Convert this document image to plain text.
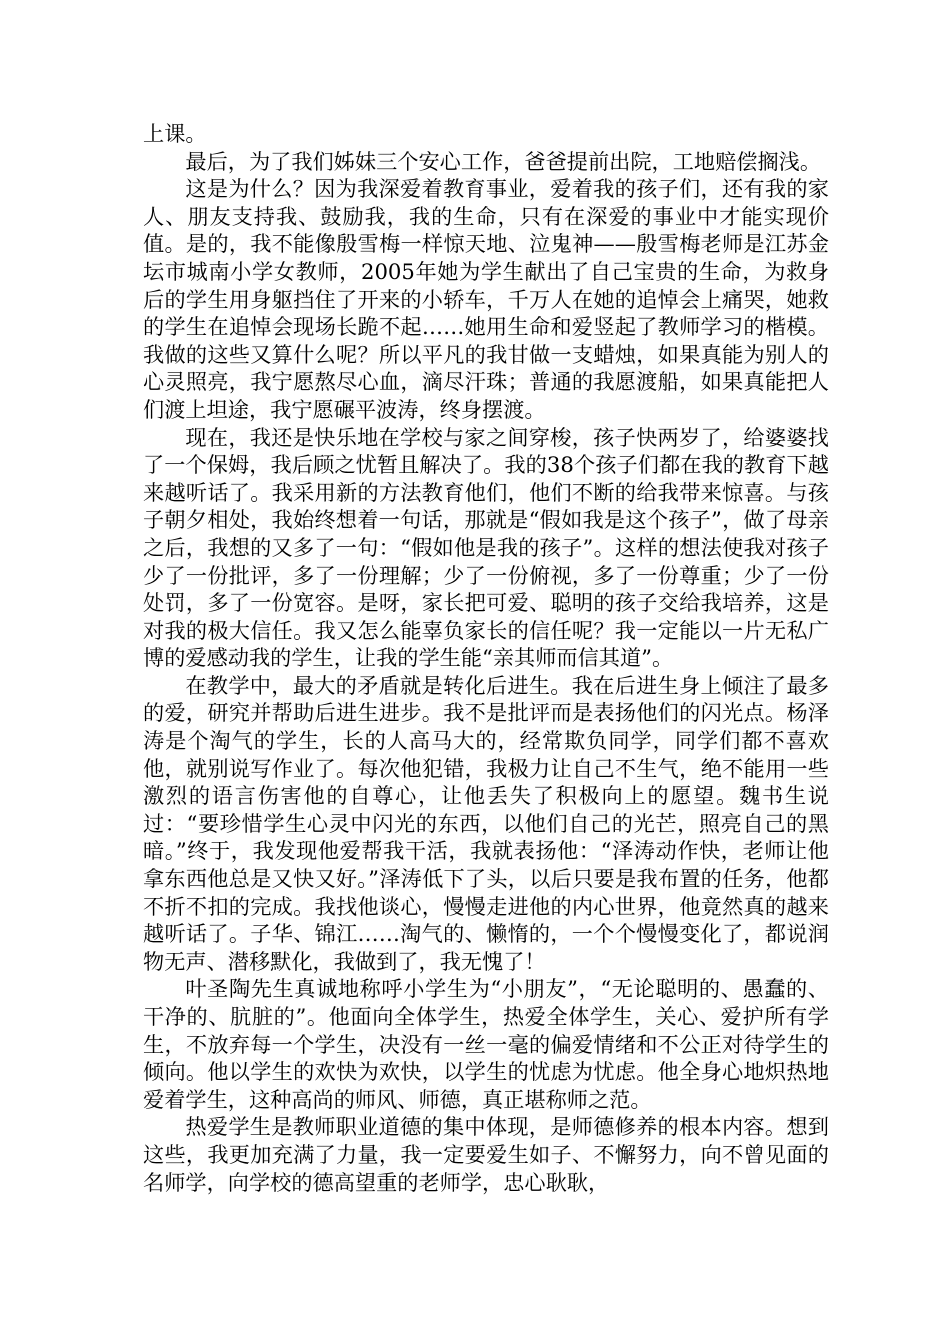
上课。

最后，为了我们姊妹三个安心工作，爸爸提前出院，工地赔偿搁浅。

这是为什么？因为我深爱着教育事业，爱着我的孩子们，还有我的家人、朋友支持我、鼓励我，我的生命，只有在深爱的事业中才能实现价值。是的，我不能像殷雪梅一样惊天地、泣鬼神——殷雪梅老师是江苏金坛市城南小学女教师，2005年她为学生献出了自己宝贵的生命，为救身后的学生用身躯挡住了开来的小轿车，千万人在她的追悼会上痛哭，她救的学生在追悼会现场长跪不起……她用生命和爱竖起了教师学习的楷模。我做的这些又算什么呢？所以平凡的我甘做一支蜡烛，如果真能为别人的心灵照亮，我宁愿熬尽心血，滴尽汗珠；普通的我愿渡船，如果真能把人们渡上坦途，我宁愿碾平波涛，终身摆渡。

现在，我还是快乐地在学校与家之间穿梭，孩子快两岁了，给婆婆找了一个保姆，我后顾之忧暂且解决了。我的38个孩子们都在我的教育下越来越听话了。我采用新的方法教育他们，他们不断的给我带来惊喜。与孩子朝夕相处，我始终想着一句话，那就是“假如我是这个孩子”，做了母亲之后，我想的又多了一句：“假如他是我的孩子”。这样的想法使我对孩子少了一份批评，多了一份理解；少了一份俯视，多了一份尊重；少了一份处罚，多了一份宽容。是呀，家长把可爱、聪明的孩子交给我培养，这是对我的极大信任。我又怎么能辜负家长的信任呢？我一定能以一片无私广博的爱感动我的学生，让我的学生能“亲其师而信其道”。

在教学中，最大的矛盾就是转化后进生。我在后进生身上倾注了最多的爱，研究并帮助后进生进步。我不是批评而是表扬他们的闪光点。杨泽涛是个淘气的学生，长的人高马大的，经常欺负同学，同学们都不喜欢他，就别说写作业了。每次他犯错，我极力让自己不生气，绝不能用一些激烈的语言伤害他的自尊心，让他丢失了积极向上的愿望。魏书生说过：“要珍惜学生心灵中闪光的东西，以他们自己的光芒，照亮自己的黑暗。”终于，我发现他爱帮我干活，我就表扬他：“泽涛动作快，老师让他拿东西他总是又快又好。”泽涛低下了头，以后只要是我布置的任务，他都不折不扣的完成。我找他谈心，慢慢走进他的内心世界，他竟然真的越来越听话了。子华、锦江……淘气的、懒惰的，一个个慢慢变化了，都说润物无声、潜移默化，我做到了，我无愧了！

叶圣陶先生真诚地称呼小学生为“小朋友”，“无论聪明的、愚蠢的、干净的、肮脏的”。他面向全体学生，热爱全体学生，关心、爱护所有学生，不放弃每一个学生，决没有一丝一毫的偏爱情绪和不公正对待学生的倾向。他以学生的欢快为欢快，以学生的忧虑为忧虑。他全身心地炽热地爱着学生，这种高尚的师风、师德，真正堪称师之范。

热爱学生是教师职业道德的集中体现，是师德修养的根本内容。想到这些，我更加充满了力量，我一定要爱生如子、不懈努力，向不曾见面的名师学，向学校的德高望重的老师学，忠心耿耿，
